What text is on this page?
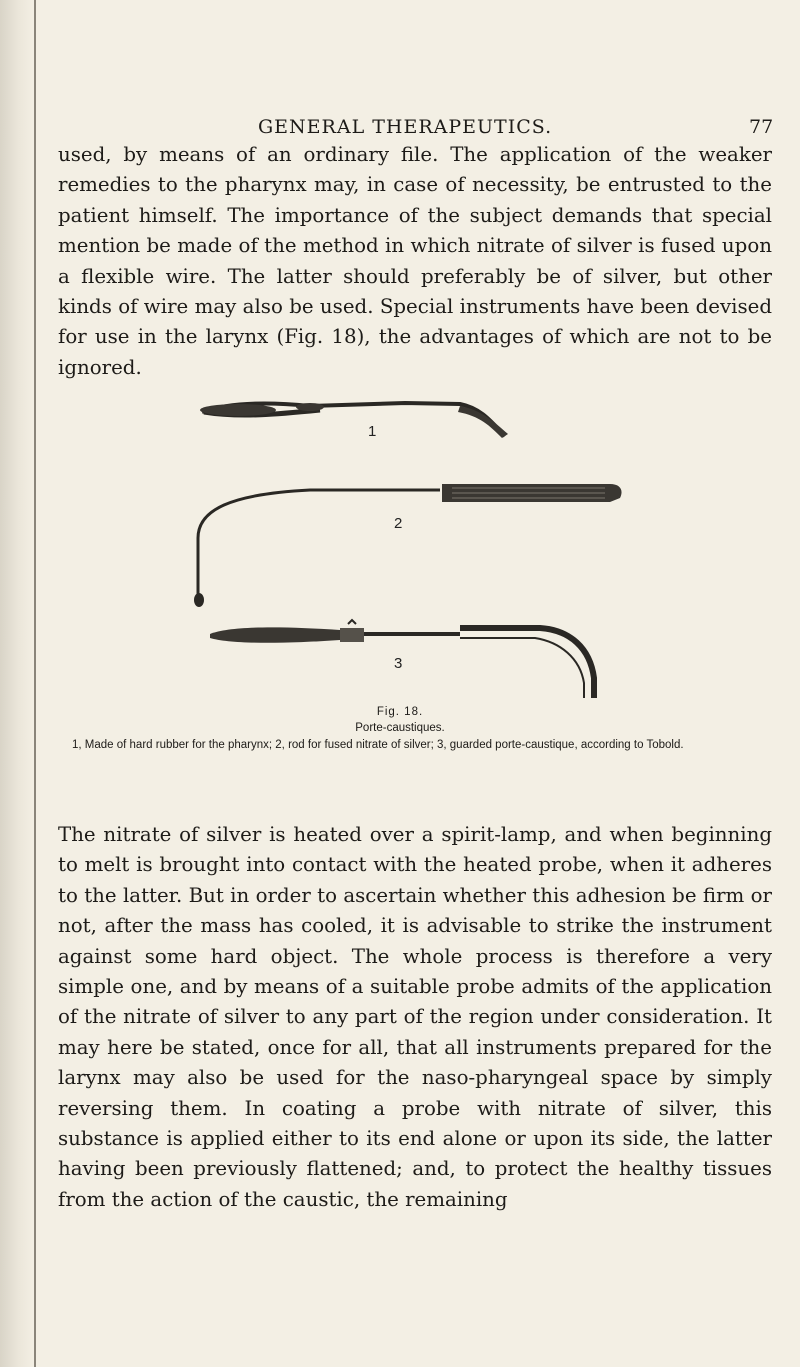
GENERAL THERAPEUTICS.	77

used, by means of an ordinary file. The application of the weaker remedies to the pharynx may, in case of necessity, be entrusted to the patient himself. The importance of the subject demands that special mention be made of the method in which nitrate of silver is fused upon a flexible wire. The latter should preferably be of silver, but other kinds of wire may also be used. Special instruments have been devised for use in the larynx (Fig. 18), the advantages of which are not to be ignored.

1
2
3
Fig. 18.
Porte-caustiques.
1, Made of hard rubber for the pharynx; 2, rod for fused nitrate of silver; 3, guarded porte-caustique, according to Tobold.

The nitrate of silver is heated over a spirit-lamp, and when beginning to melt is brought into contact with the heated probe, when it adheres to the latter. But in order to ascertain whether this adhesion be firm or not, after the mass has cooled, it is advisable to strike the instrument against some hard object. The whole process is therefore a very simple one, and by means of a suitable probe admits of the application of the nitrate of silver to any part of the region under consideration. It may here be stated, once for all, that all instruments prepared for the larynx may also be used for the naso-pharyngeal space by simply reversing them. In coating a probe with nitrate of silver, this substance is applied either to its end alone or upon its side, the latter having been previously flattened; and, to protect the healthy tissues from the action of the caustic, the remaining
